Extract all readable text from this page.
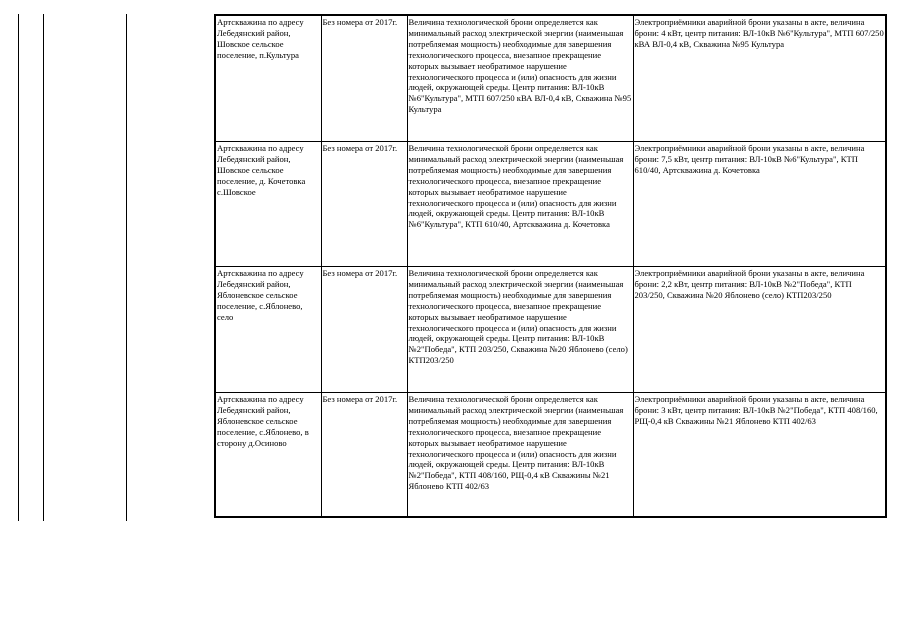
Артскважина по адресу Лебедянский район, Шовское сельское поселение, п.Культура	Без номера от 2017г.	Величина технологической брони определяется как минимальный расход электрической энергии (наименьшая потребляемая мощность) необходимые для завершения технологического процесса, внезапное прекращение которых вызывает необратимое нарушение технологического процесса и (или) опасность для жизни людей, окружающей среды. Центр питания: ВЛ-10кВ №6"Культура", МТП 607/250 кВА ВЛ-0,4 кВ, Скважина №95 Культура	Электроприёмники аварийной брони указаны в акте, величина брони: 4 кВт, центр питания: ВЛ-10кВ №6"Культура", МТП 607/250 кВА ВЛ-0,4 кВ, Скважина №95 Культура
Артскважина по адресу Лебедянский район, Шовское сельское поселение, д. Кочетовка с.Шовское	Без номера от 2017г.	Величина технологической брони определяется как минимальный расход электрической энергии (наименьшая потребляемая мощность) необходимые для завершения технологического процесса, внезапное прекращение которых вызывает необратимое нарушение технологического процесса и (или) опасность для жизни людей, окружающей среды. Центр питания: ВЛ-10кВ №6"Культура", КТП 610/40, Артскважина д. Кочетовка	Электроприёмники аварийной брони указаны в акте, величина брони: 7,5 кВт, центр питания: ВЛ-10кВ №6"Культура", КТП 610/40, Артскважина д. Кочетовка
Артскважина по адресу Лебедянский район, Яблоневское сельское поселение, с.Яблонево, село	Без номера от 2017г.	Величина технологической брони определяется как минимальный расход электрической энергии (наименьшая потребляемая мощность) необходимые для завершения технологического процесса, внезапное прекращение которых вызывает необратимое нарушение технологического процесса и (или) опасность для жизни людей, окружающей среды. Центр питания: ВЛ-10кВ №2"Победа", КТП 203/250, Скважина №20 Яблонево (село) КТП203/250	Электроприёмники аварийной брони указаны в акте, величина брони: 2,2 кВт, центр питания: ВЛ-10кВ №2"Победа", КТП 203/250, Скважина №20 Яблонево (село) КТП203/250
Артскважина по адресу Лебедянский район, Яблоневское сельское поселение, с.Яблонево, в сторону д.Осиново	Без номера от 2017г.	Величина технологической брони определяется как минимальный расход электрической энергии (наименьшая потребляемая мощность) необходимые для завершения технологического процесса, внезапное прекращение которых вызывает необратимое нарушение технологического процесса и (или) опасность для жизни людей, окружающей среды. Центр питания: ВЛ-10кВ №2"Победа", КТП 408/160, РЩ-0,4 кВ Скважины №21 Яблонево КТП 402/63	Электроприёмники аварийной брони указаны в акте, величина брони: 3 кВт, центр питания: ВЛ-10кВ №2"Победа", КТП 408/160, РЩ-0,4 кВ Скважины №21 Яблонево КТП 402/63
